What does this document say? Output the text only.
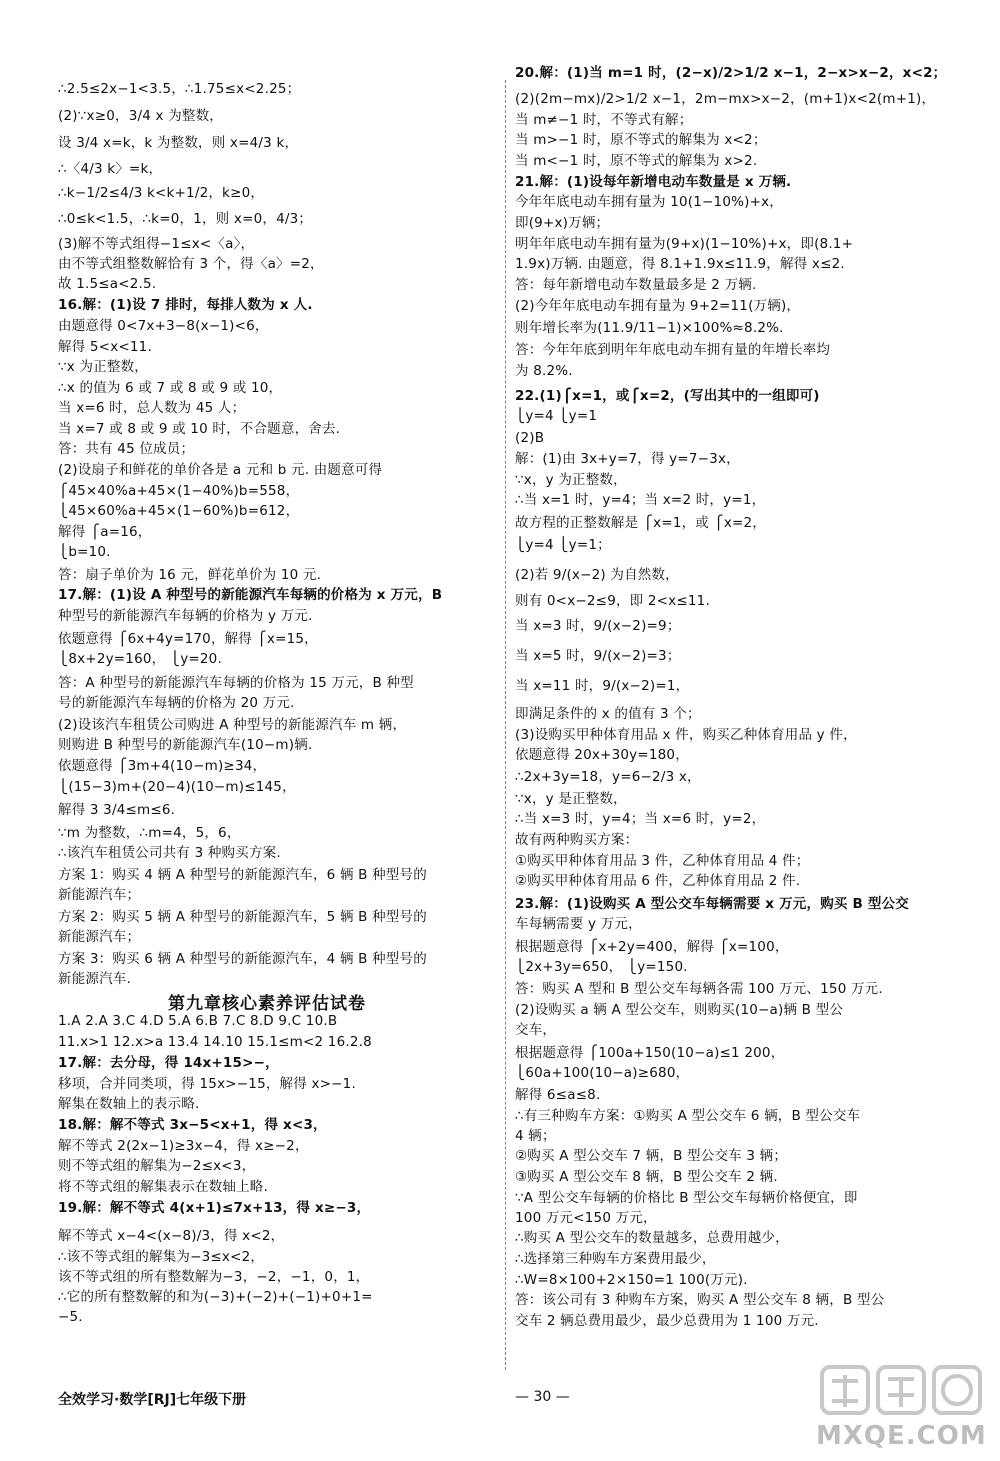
∴2.5≤2x−1<3.5，∴1.75≤x<2.25；
(2)∵x≥0，3/4 x 为整数，
设 3/4 x=k，k 为整数，则 x=4/3 k，
∴〈4/3 k〉=k，
∴k−1/2≤4/3 k<k+1/2，k≥0，
∴0≤k<1.5，∴k=0，1，则 x=0，4/3；
(3)解不等式组得−1≤x<〈a〉，
由不等式组整数解恰有 3 个，得〈a〉=2，
故 1.5≤a<2.5.
16.解：(1)设 7 排时，每排人数为 x 人.
由题意得 0<7x+3−8(x−1)<6，
解得 5<x<11.
∵x 为正整数，
∴x 的值为 6 或 7 或 8 或 9 或 10，
当 x=6 时，总人数为 45 人；
当 x=7 或 8 或 9 或 10 时，不合题意，舍去.
答：共有 45 位成员；
(2)设扇子和鲜花的单价各是 a 元和 b 元. 由题意可得
⎧45×40%a+45×(1−40%)b=558，
⎩45×60%a+45×(1−60%)b=612，
解得 ⎧a=16，
⎩b=10.
答：扇子单价为 16 元，鲜花单价为 10 元.
17.解：(1)设 A 种型号的新能源汽车每辆的价格为 x 万元，B
种型号的新能源汽车每辆的价格为 y 万元.
依题意得 ⎧6x+4y=170，解得 ⎧x=15，
⎩8x+2y=160， ⎩y=20.
答：A 种型号的新能源汽车每辆的价格为 15 万元，B 种型
号的新能源汽车每辆的价格为 20 万元.
(2)设该汽车租赁公司购进 A 种型号的新能源汽车 m 辆，
则购进 B 种型号的新能源汽车(10−m)辆.
依题意得 ⎧3m+4(10−m)≥34，
⎩(15−3)m+(20−4)(10−m)≤145，
解得 3 3/4≤m≤6.
∵m 为整数，∴m=4，5，6，
∴该汽车租赁公司共有 3 种购买方案.
方案 1：购买 4 辆 A 种型号的新能源汽车，6 辆 B 种型号的
新能源汽车；
方案 2：购买 5 辆 A 种型号的新能源汽车，5 辆 B 种型号的
新能源汽车；
方案 3：购买 6 辆 A 种型号的新能源汽车，4 辆 B 种型号的
新能源汽车.
第九章核心素养评估试卷
1.A 2.A 3.C 4.D 5.A 6.B 7.C 8.D 9.C 10.B
11.x>1 12.x>a 13.4 14.10 15.1≤m<2 16.2.8
17.解：去分母，得 14x+15>−，
移项，合并同类项，得 15x>−15，解得 x>−1.
解集在数轴上的表示略.
18.解：解不等式 3x−5<x+1，得 x<3，
解不等式 2(2x−1)≥3x−4，得 x≥−2，
则不等式组的解集为−2≤x<3，
将不等式组的解集表示在数轴上略.
19.解：解不等式 4(x+1)≤7x+13，得 x≥−3，
解不等式 x−4<(x−8)/3，得 x<2，
∴该不等式组的解集为−3≤x<2，
该不等式组的所有整数解为−3，−2，−1，0，1，
∴它的所有整数解的和为(−3)+(−2)+(−1)+0+1=
−5.
20.解：(1)当 m=1 时，(2−x)/2>1/2 x−1，2−x>x−2，x<2；
(2)(2m−mx)/2>1/2 x−1，2m−mx>x−2，(m+1)x<2(m+1)，
当 m≠−1 时，不等式有解；
当 m>−1 时，原不等式的解集为 x<2；
当 m<−1 时，原不等式的解集为 x>2.
21.解：(1)设每年新增电动车数量是 x 万辆.
今年年底电动车拥有量为 10(1−10%)+x，
即(9+x)万辆；
明年年底电动车拥有量为(9+x)(1−10%)+x，即(8.1+
1.9x)万辆. 由题意，得 8.1+1.9x≤11.9，解得 x≤2.
答：每年新增电动车数量最多是 2 万辆.
(2)今年年底电动车拥有量为 9+2=11(万辆)，
则年增长率为(11.9/11−1)×100%≈8.2%.
答：今年年底到明年年底电动车拥有量的年增长率均
为 8.2%.
22.(1)⎧x=1，或⎧x=2，(写出其中的一组即可)
⎩y=4 ⎩y=1
(2)B
解：(1)由 3x+y=7，得 y=7−3x，
∵x，y 为正整数，
∴当 x=1 时，y=4；当 x=2 时，y=1，
故方程的正整数解是 ⎧x=1，或 ⎧x=2，
⎩y=4 ⎩y=1；
(2)若 9/(x−2) 为自然数，
则有 0<x−2≤9，即 2<x≤11.
当 x=3 时，9/(x−2)=9；
当 x=5 时，9/(x−2)=3；
当 x=11 时，9/(x−2)=1，
即满足条件的 x 的值有 3 个；
(3)设购买甲种体育用品 x 件，购买乙种体育用品 y 件，
依题意得 20x+30y=180，
∴2x+3y=18，y=6−2/3 x，
∵x，y 是正整数，
∴当 x=3 时，y=4；当 x=6 时，y=2，
故有两种购买方案：
①购买甲种体育用品 3 件，乙种体育用品 4 件；
②购买甲种体育用品 6 件，乙种体育用品 2 件.
23.解：(1)设购买 A 型公交车每辆需要 x 万元，购买 B 型公交
车每辆需要 y 万元，
根据题意得 ⎧x+2y=400，解得 ⎧x=100，
⎩2x+3y=650， ⎩y=150.
答：购买 A 型和 B 型公交车每辆各需 100 万元、150 万元.
(2)设购买 a 辆 A 型公交车，则购买(10−a)辆 B 型公
交车，
根据题意得 ⎧100a+150(10−a)≤1 200，
⎩60a+100(10−a)≥680，
解得 6≤a≤8.
∴有三种购车方案：①购买 A 型公交车 6 辆，B 型公交车
4 辆；
②购买 A 型公交车 7 辆，B 型公交车 3 辆；
③购买 A 型公交车 8 辆，B 型公交车 2 辆.
∵A 型公交车每辆的价格比 B 型公交车每辆价格便宜，即
100 万元<150 万元，
∴购买 A 型公交车的数量越多，总费用越少，
∴选择第三种购车方案费用最少，
∴W=8×100+2×150=1 100(万元).
答：该公司有 3 种购车方案，购买 A 型公交车 8 辆，B 型公
交车 2 辆总费用最少，最少总费用为 1 100 万元.
全效学习·数学[RJ]七年级下册	— 30 —
MXQE.COM
